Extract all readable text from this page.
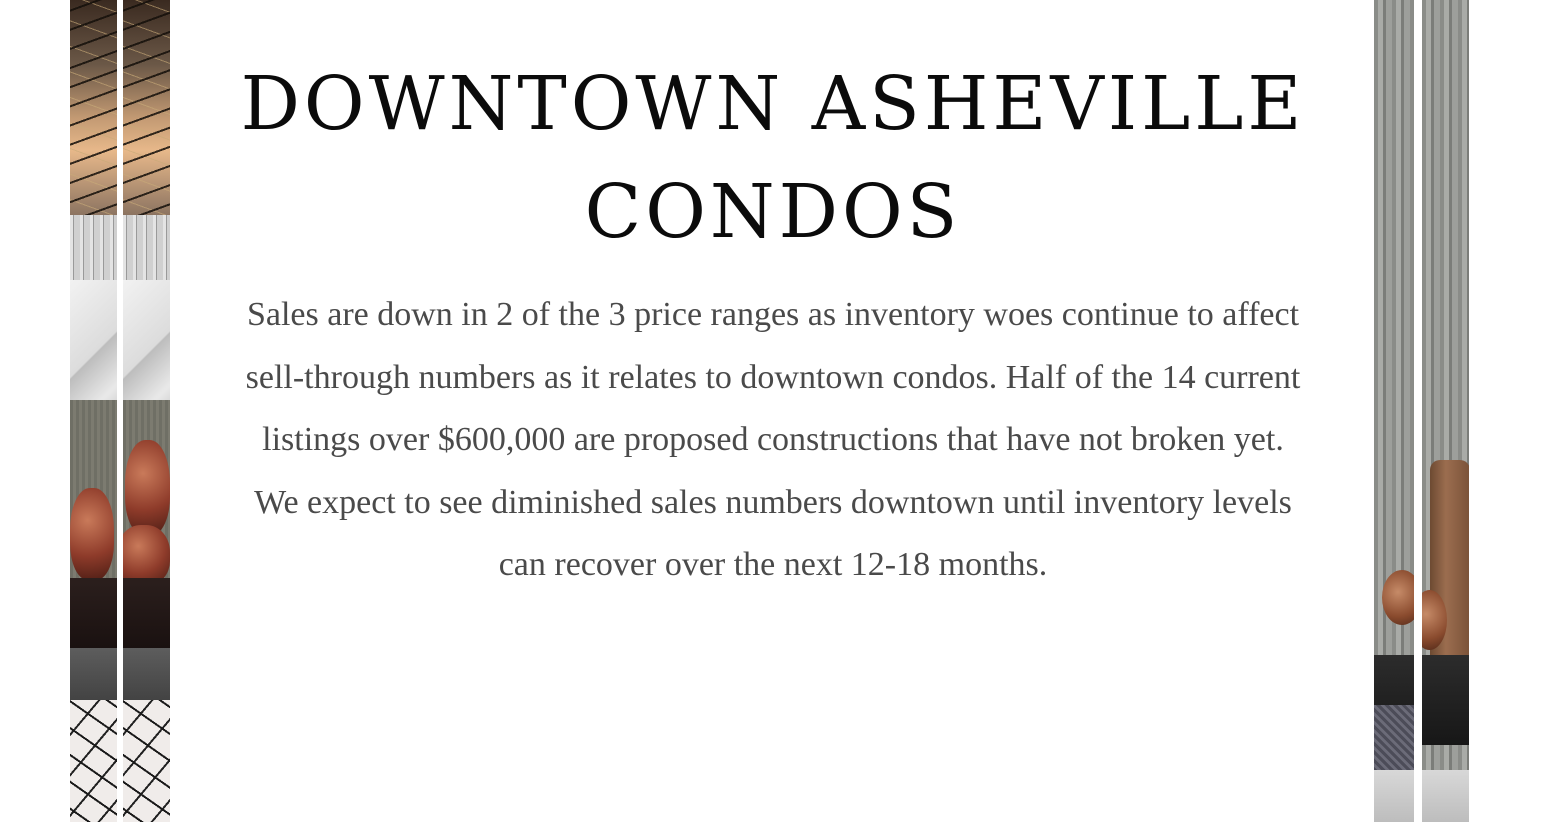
DOWNTOWN ASHEVILLE CONDOS

Sales are down in 2 of the 3 price ranges as inventory woes continue to affect sell-through numbers as it relates to downtown condos. Half of the 14 current listings over $600,000 are proposed constructions that have not broken yet. We expect to see diminished sales numbers downtown until inventory levels can recover over the next 12-18 months.
